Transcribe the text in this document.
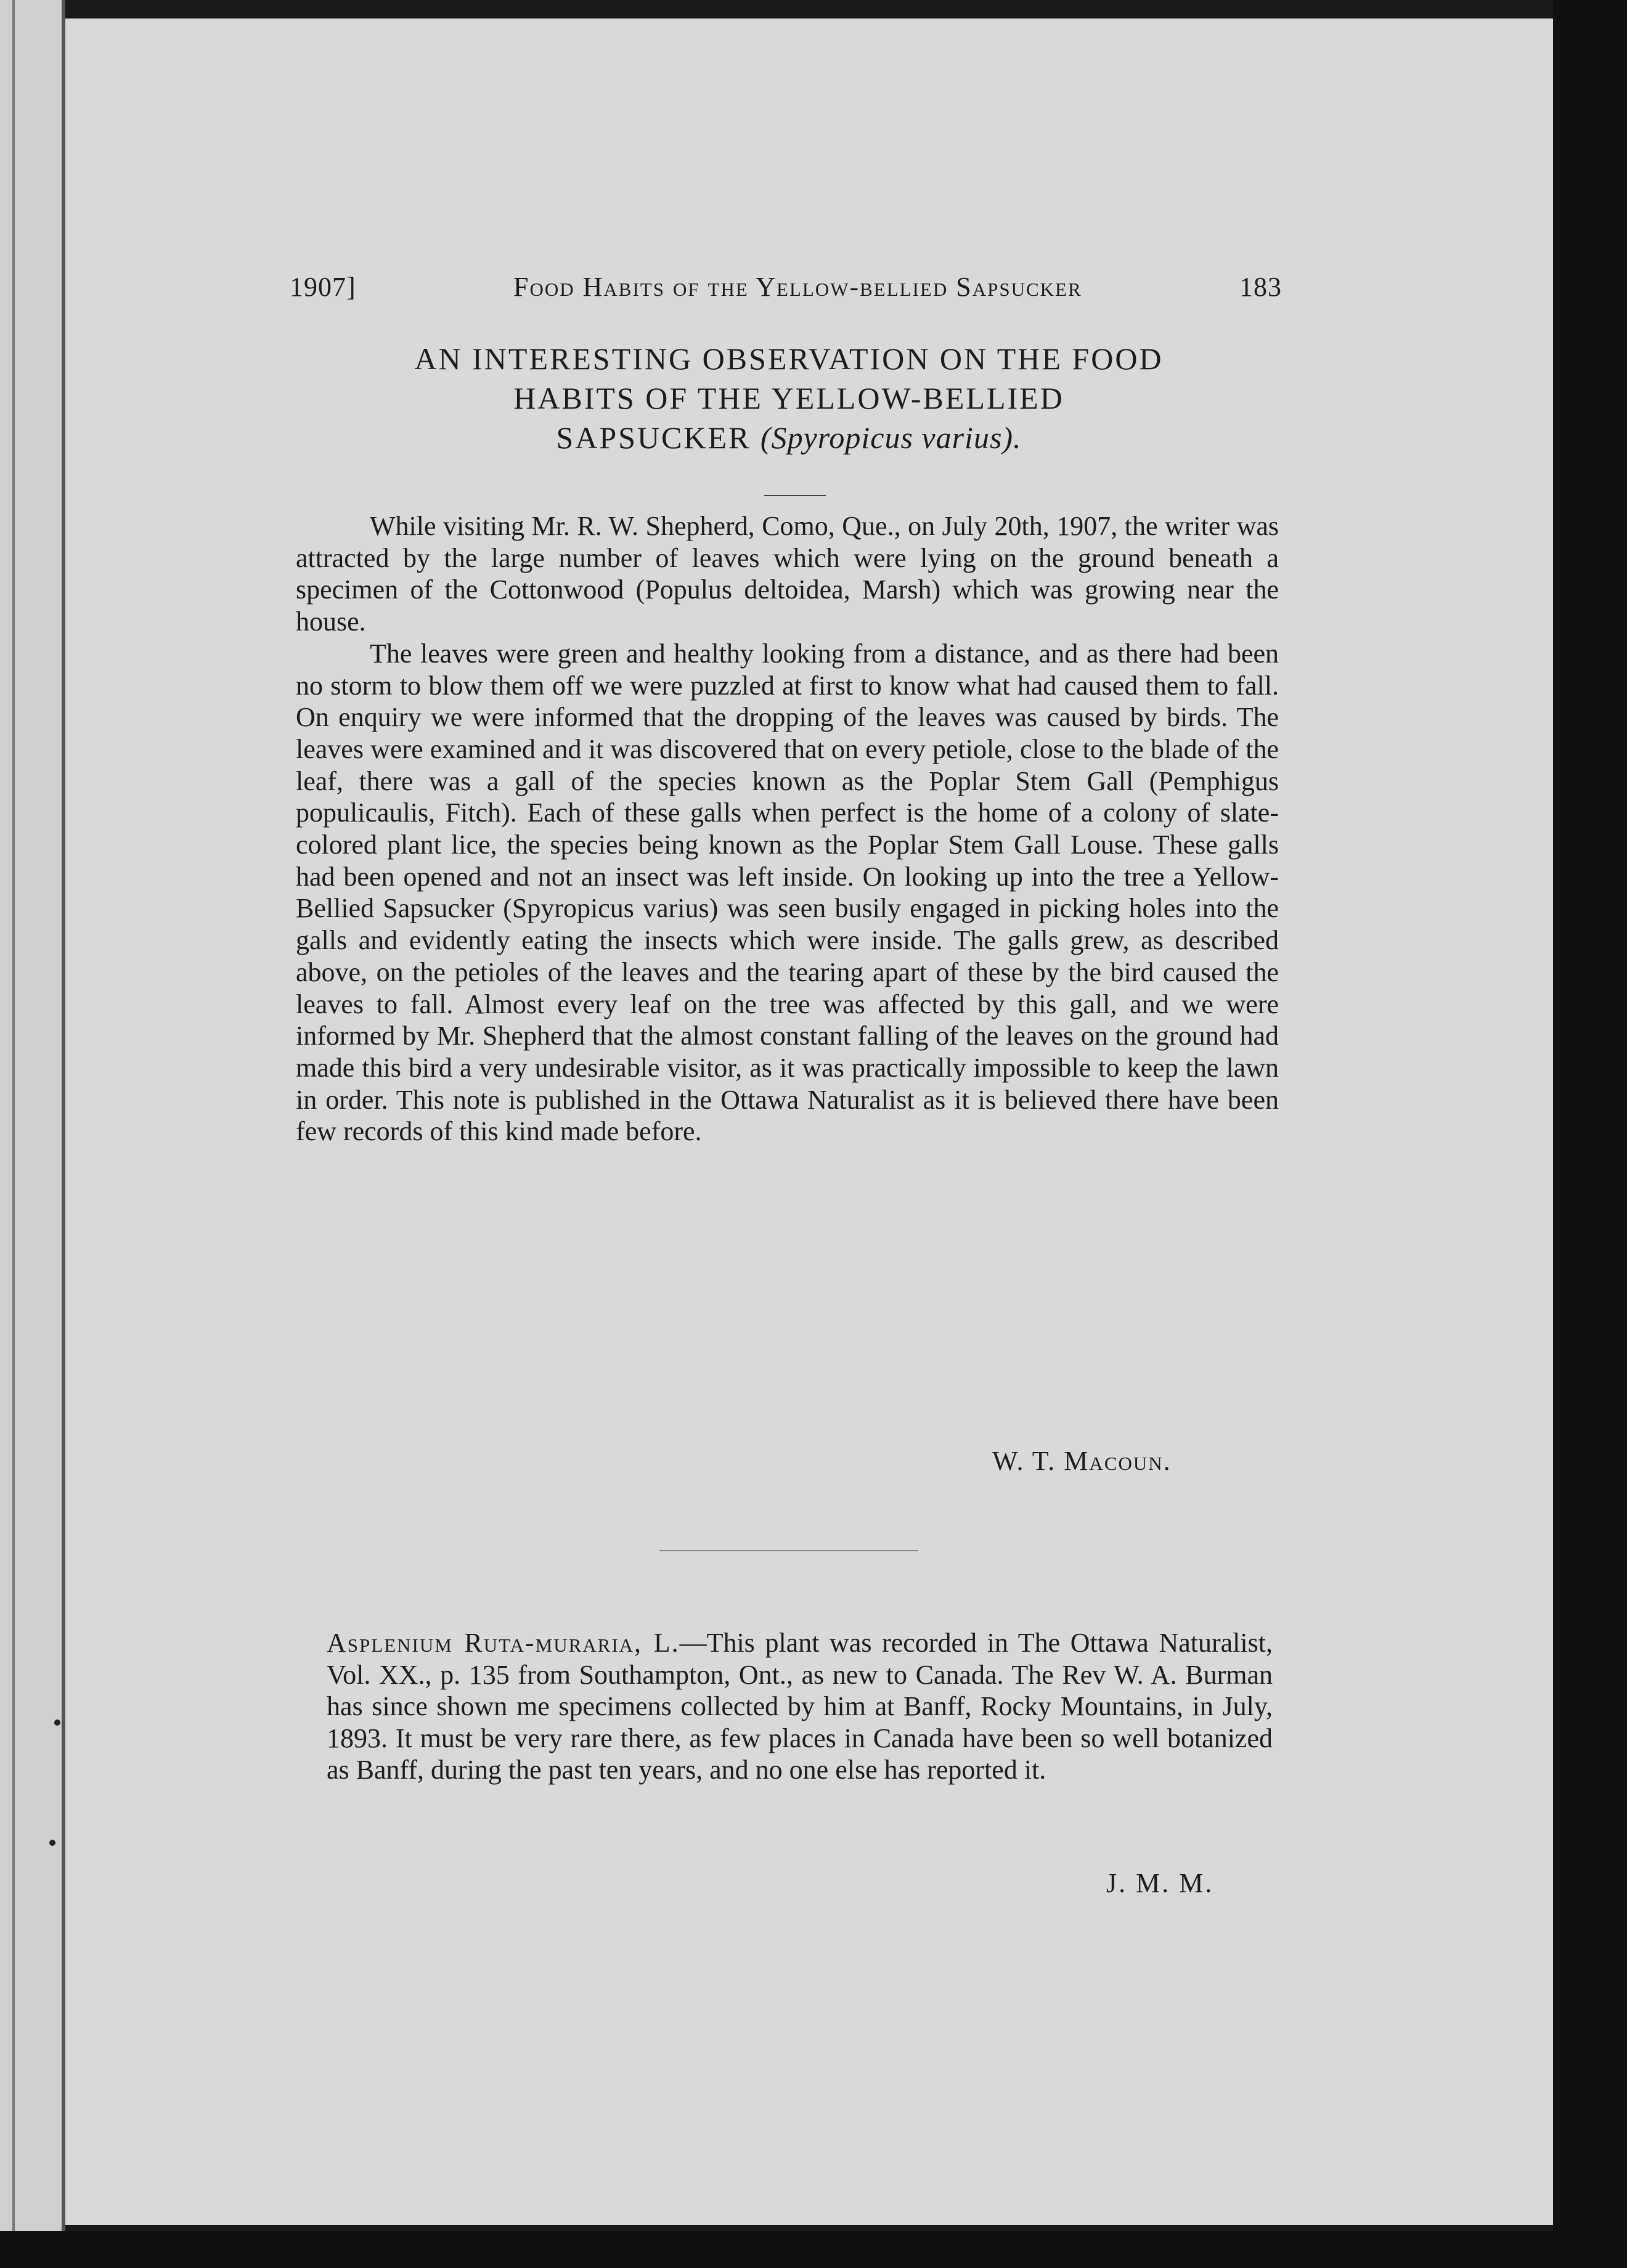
1907]	Food Habits of the Yellow-bellied Sapsucker	183
AN INTERESTING OBSERVATION ON THE FOOD
HABITS OF THE YELLOW-BELLIED
SAPSUCKER (Spyropicus varius).

While visiting Mr. R. W. Shepherd, Como, Que., on July 20th, 1907, the writer was attracted by the large number of leaves which were lying on the ground beneath a specimen of the Cottonwood (Populus deltoidea, Marsh) which was growing near the house.

The leaves were green and healthy looking from a distance, and as there had been no storm to blow them off we were puzzled at first to know what had caused them to fall. On enquiry we were informed that the dropping of the leaves was caused by birds. The leaves were examined and it was discovered that on every petiole, close to the blade of the leaf, there was a gall of the species known as the Poplar Stem Gall (Pemphigus populicaulis, Fitch). Each of these galls when perfect is the home of a colony of slate-colored plant lice, the species being known as the Poplar Stem Gall Louse. These galls had been opened and not an insect was left inside. On looking up into the tree a Yellow-Bellied Sapsucker (Spyropicus varius) was seen busily engaged in picking holes into the galls and evidently eating the insects which were inside. The galls grew, as described above, on the petioles of the leaves and the tearing apart of these by the bird caused the leaves to fall. Almost every leaf on the tree was affected by this gall, and we were informed by Mr. Shepherd that the almost constant falling of the leaves on the ground had made this bird a very undesirable visitor, as it was practically impossible to keep the lawn in order. This note is published in the Ottawa Naturalist as it is believed there have been few records of this kind made before.

W. T. Macoun.

Asplenium Ruta-muraria, L.—This plant was recorded in The Ottawa Naturalist, Vol. XX., p. 135 from Southampton, Ont., as new to Canada. The Rev W. A. Burman has since shown me specimens collected by him at Banff, Rocky Mountains, in July, 1893. It must be very rare there, as few places in Canada have been so well botanized as Banff, during the past ten years, and no one else has reported it.

J. M. M.
